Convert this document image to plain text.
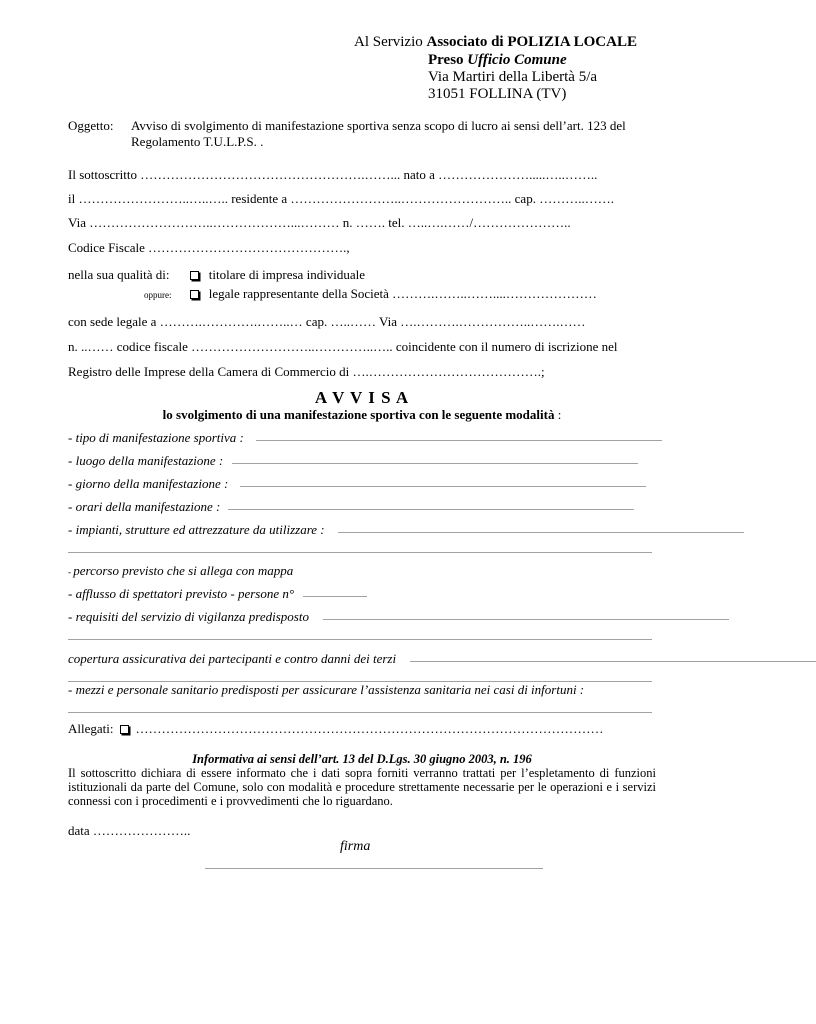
Al Servizio Associato di POLIZIA LOCALE
Preso Ufficio Comune
Via Martiri della Libertà 5/a
31051 FOLLINA (TV)
Oggetto: Avviso di svolgimento di manifestazione sportiva senza scopo di lucro ai sensi dell’art. 123 del
Regolamento T.U.L.P.S. .
Il sottoscritto …………………………………………….……... nato a ………………….....…..……..
il ……………………..…..….. residente a ……………………..…………………….. cap. ………..…….
Via ………………………..………………...……… n. ……. tel. …..….……/…………………..
Codice Fiscale ……………………………………….,
nella sua qualità di:	titolare di impresa individuale
oppure:	legale rappresentante della Società ……….……..……....…………………
con sede legale a ……….………….……..… cap. …..…… Via ….……….……………..…….……
n. ..…… codice fiscale ………………………..…………..….. coincidente con il numero di iscrizione nel
Registro delle Imprese della Camera di Commercio di ….………………………………….;
A V V I S A
lo svolgimento di una manifestazione sportiva con le seguente modalità :
- tipo di manifestazione sportiva : ...........................................................................................................................................................................................................
- luogo della manifestazione : ...........................................................................................................................................................................................................
- giorno della manifestazione : ...........................................................................................................................................................................................................
- orari della manifestazione : ...........................................................................................................................................................................................................
- impianti, strutture ed attrezzature da utilizzare : ...........................................................................................................................................................................................................
....................................................................................................................................................................................................................................................................................................
- percorso previsto che si allega con mappa
- afflusso di spettatori previsto - persone n° ................................
- requisiti del servizio di vigilanza predisposto ...........................................................................................................................................................................................................
....................................................................................................................................................................................................................................................................................................
copertura assicurativa dei partecipanti e contro danni dei terzi ...........................................................................................................................................................................................................
....................................................................................................................................................................................................................................................................................................
- mezzi e personale sanitario predisposti per assicurare l’assistenza sanitaria nei casi di infortuni :
....................................................................................................................................................................................................................................................................................................
Allegati: ………………………………………………………………………………………………
Informativa ai sensi dell’art. 13 del D.Lgs. 30 giugno 2003, n. 196
Il sottoscritto dichiara di essere informato che i dati sopra forniti verranno trattati per l’espletamento di funzioni istituzionali da parte del Comune, solo con modalità e procedure strettamente necessarie per le operazioni e i servizi connessi con i procedimenti e i provvedimenti che lo riguardano.
data …………………..
firma
.........................................................................................................................................................................
